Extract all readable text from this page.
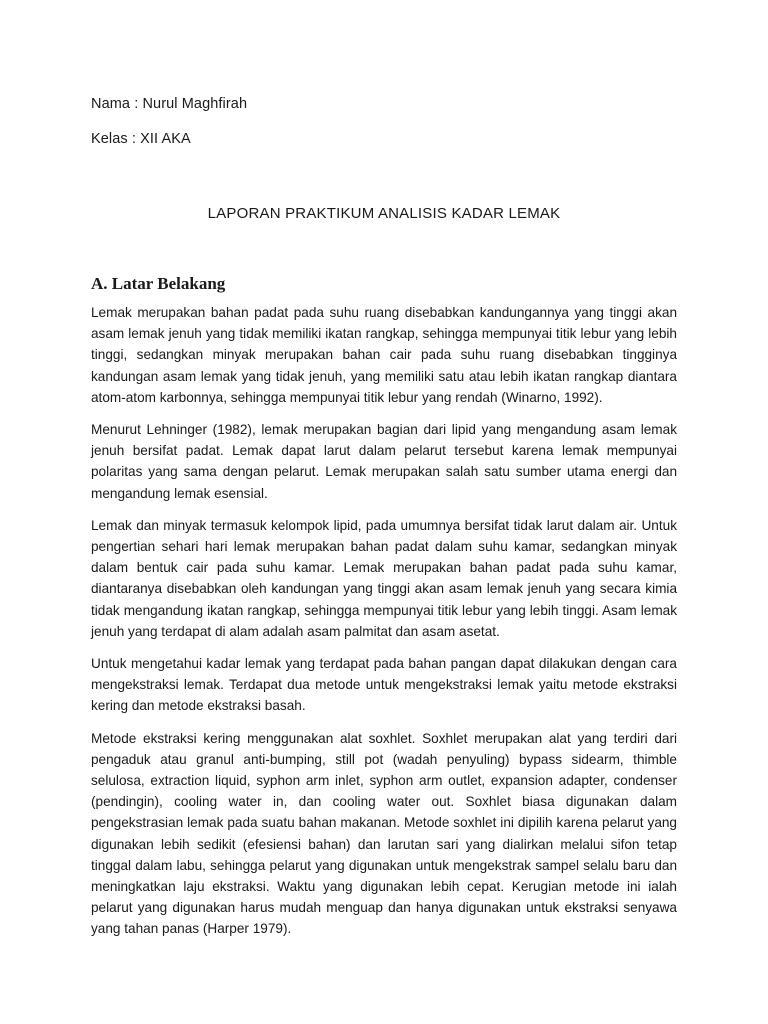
Nama : Nurul Maghfirah
Kelas : XII AKA
LAPORAN PRAKTIKUM ANALISIS KADAR LEMAK
A. Latar Belakang

Lemak merupakan bahan padat pada suhu ruang disebabkan kandungannya yang tinggi akan asam lemak jenuh yang tidak memiliki ikatan rangkap, sehingga mempunyai titik lebur yang lebih tinggi, sedangkan minyak merupakan bahan cair pada suhu ruang disebabkan tingginya kandungan asam lemak yang tidak jenuh, yang memiliki satu atau lebih ikatan rangkap diantara atom-atom karbonnya, sehingga mempunyai titik lebur yang rendah (Winarno, 1992).

Menurut Lehninger (1982), lemak merupakan bagian dari lipid yang mengandung asam lemak jenuh bersifat padat. Lemak dapat larut dalam pelarut tersebut karena lemak mempunyai polaritas yang sama dengan pelarut. Lemak merupakan salah satu sumber utama energi dan mengandung lemak esensial.

Lemak dan minyak termasuk kelompok lipid, pada umumnya bersifat tidak larut dalam air. Untuk pengertian sehari hari lemak merupakan bahan padat dalam suhu kamar, sedangkan minyak dalam bentuk cair pada suhu kamar. Lemak merupakan bahan padat pada suhu kamar, diantaranya disebabkan oleh kandungan yang tinggi akan asam lemak jenuh yang secara kimia tidak mengandung ikatan rangkap, sehingga mempunyai titik lebur yang lebih tinggi. Asam lemak jenuh yang terdapat di alam adalah asam palmitat dan asam asetat.

Untuk mengetahui kadar lemak yang terdapat pada bahan pangan dapat dilakukan dengan cara mengekstraksi lemak. Terdapat dua metode untuk mengekstraksi lemak yaitu metode ekstraksi kering dan metode ekstraksi basah.

Metode ekstraksi kering menggunakan alat soxhlet. Soxhlet merupakan alat yang terdiri dari pengaduk atau granul anti-bumping, still pot (wadah penyuling) bypass sidearm, thimble selulosa, extraction liquid, syphon arm inlet, syphon arm outlet, expansion adapter, condenser (pendingin), cooling water in, dan cooling water out. Soxhlet biasa digunakan dalam pengekstrasian lemak pada suatu bahan makanan. Metode soxhlet ini dipilih karena pelarut yang digunakan lebih sedikit (efesiensi bahan) dan larutan sari yang dialirkan melalui sifon tetap tinggal dalam labu, sehingga pelarut yang digunakan untuk mengekstrak sampel selalu baru dan meningkatkan laju ekstraksi. Waktu yang digunakan lebih cepat. Kerugian metode ini ialah pelarut yang digunakan harus mudah menguap dan hanya digunakan untuk ekstraksi senyawa yang tahan panas (Harper 1979).
